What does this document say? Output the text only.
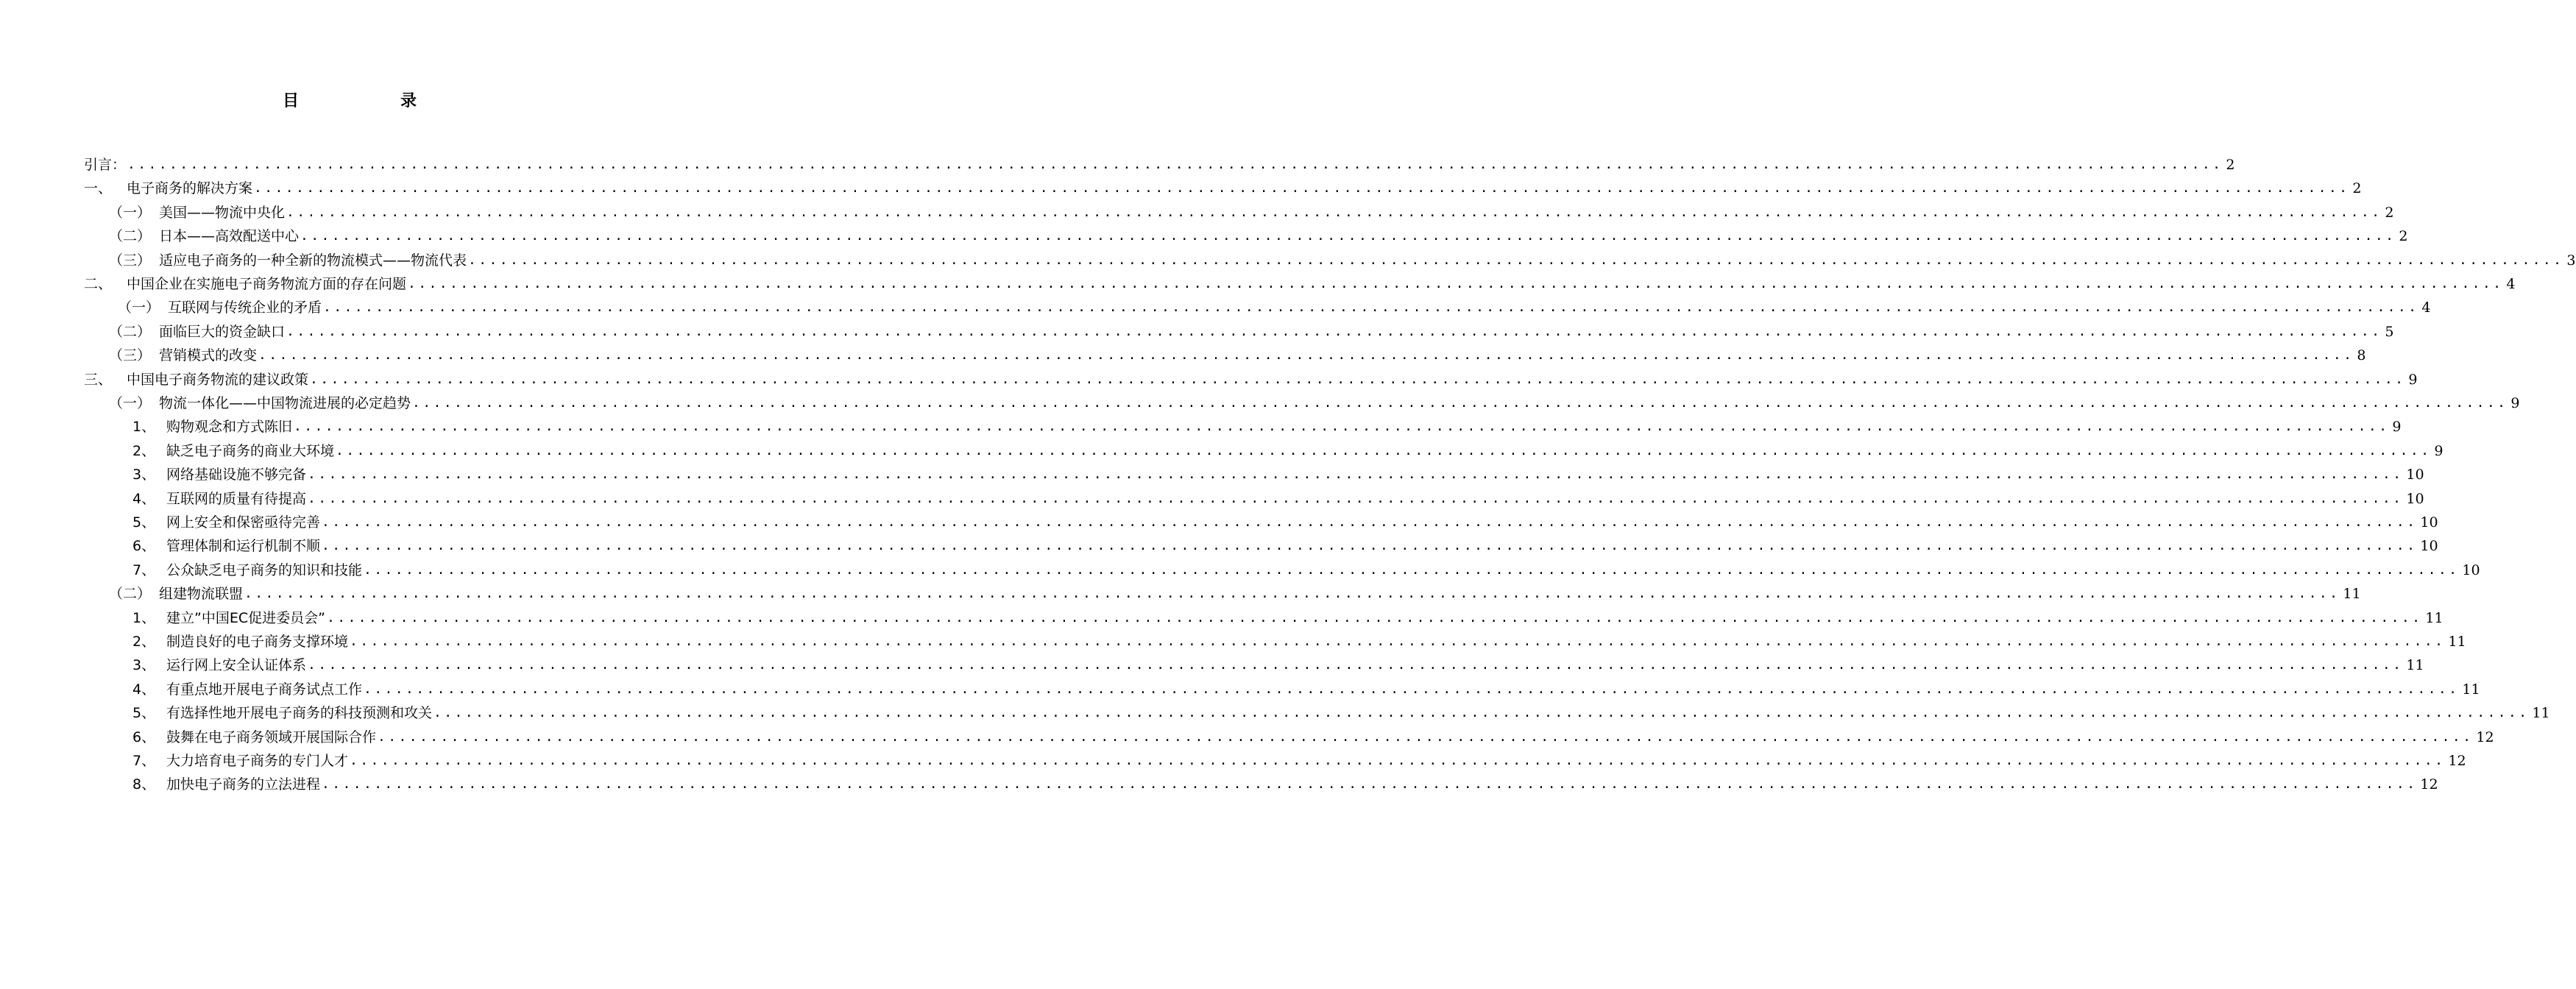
目　录
引言： ........................................................................................................................................................................................................ 2
一、	电子商务的解决方案 ........................................................................................................................................................................................................ 2
（一） 美国——物流中央化 ........................................................................................................................................................................................................ 2
（二） 日本——高效配送中心 ........................................................................................................................................................................................................ 2
（三） 适应电子商务的一种全新的物流模式——物流代表 ........................................................................................................................................................................................................ 3
二、	中国企业在实施电子商务物流方面的存在问题 ........................................................................................................................................................................................................ 4
（一） 互联网与传统企业的矛盾 ........................................................................................................................................................................................................ 4
（二） 面临巨大的资金缺口 ........................................................................................................................................................................................................ 5
（三） 营销模式的改变 ........................................................................................................................................................................................................ 8
三、	中国电子商务物流的建议政策 ........................................................................................................................................................................................................ 9
（一） 物流一体化——中国物流进展的必定趋势 ........................................................................................................................................................................................................ 9
1、 购物观念和方式陈旧 ........................................................................................................................................................................................................ 9
2、 缺乏电子商务的商业大环境 ........................................................................................................................................................................................................ 9
3、 网络基础设施不够完备 ........................................................................................................................................................................................................ 10
4、 互联网的质量有待提高 ........................................................................................................................................................................................................ 10
5、 网上安全和保密亟待完善 ........................................................................................................................................................................................................ 10
6、 管理体制和运行机制不顺 ........................................................................................................................................................................................................ 10
7、 公众缺乏电子商务的知识和技能 ........................................................................................................................................................................................................ 10
（二） 组建物流联盟 ........................................................................................................................................................................................................ 11
1、 建立”中国EC促进委员会” ........................................................................................................................................................................................................ 11
2、 制造良好的电子商务支撑环境 ........................................................................................................................................................................................................ 11
3、 运行网上安全认证体系 ........................................................................................................................................................................................................ 11
4、 有重点地开展电子商务试点工作 ........................................................................................................................................................................................................ 11
5、 有选择性地开展电子商务的科技预测和攻关 ........................................................................................................................................................................................................ 11
6、 鼓舞在电子商务领域开展国际合作 ........................................................................................................................................................................................................ 12
7、 大力培育电子商务的专门人才 ........................................................................................................................................................................................................ 12
8、 加快电子商务的立法进程 ........................................................................................................................................................................................................ 12
